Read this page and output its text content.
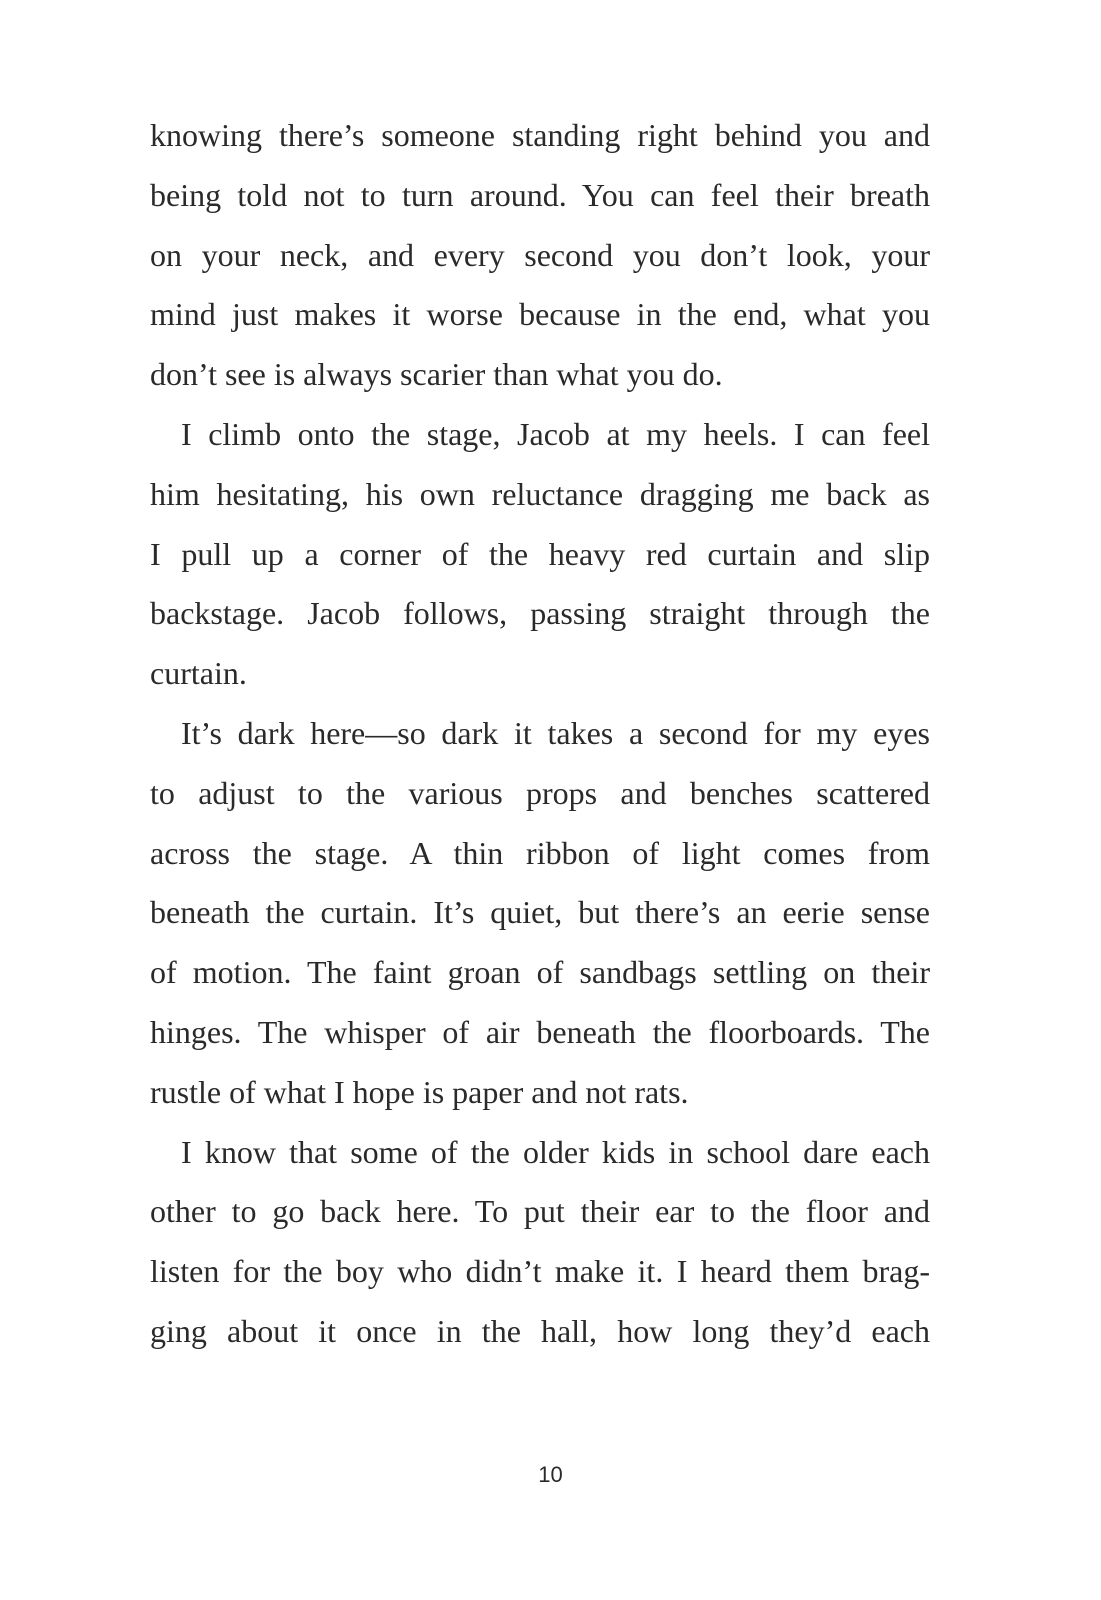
knowing there’s someone standing right behind you and
being told not to turn around. You can feel their breath
on your neck, and every second you don’t look, your
mind just makes it worse because in the end, what you
don’t see is always scarier than what you do.
I climb onto the stage, Jacob at my heels. I can feel
him hesitating, his own reluctance dragging me back as
I pull up a corner of the heavy red curtain and slip
backstage. Jacob follows, passing straight through the
curtain.
It’s dark here—so dark it takes a second for my eyes
to adjust to the various props and benches scattered
across the stage. A thin ribbon of light comes from
beneath the curtain. It’s quiet, but there’s an eerie sense
of motion. The faint groan of sandbags settling on their
hinges. The whisper of air beneath the floorboards. The
rustle of what I hope is paper and not rats.
I know that some of the older kids in school dare each
other to go back here. To put their ear to the floor and
listen for the boy who didn’t make it. I heard them brag-
ging about it once in the hall, how long they’d each
10
